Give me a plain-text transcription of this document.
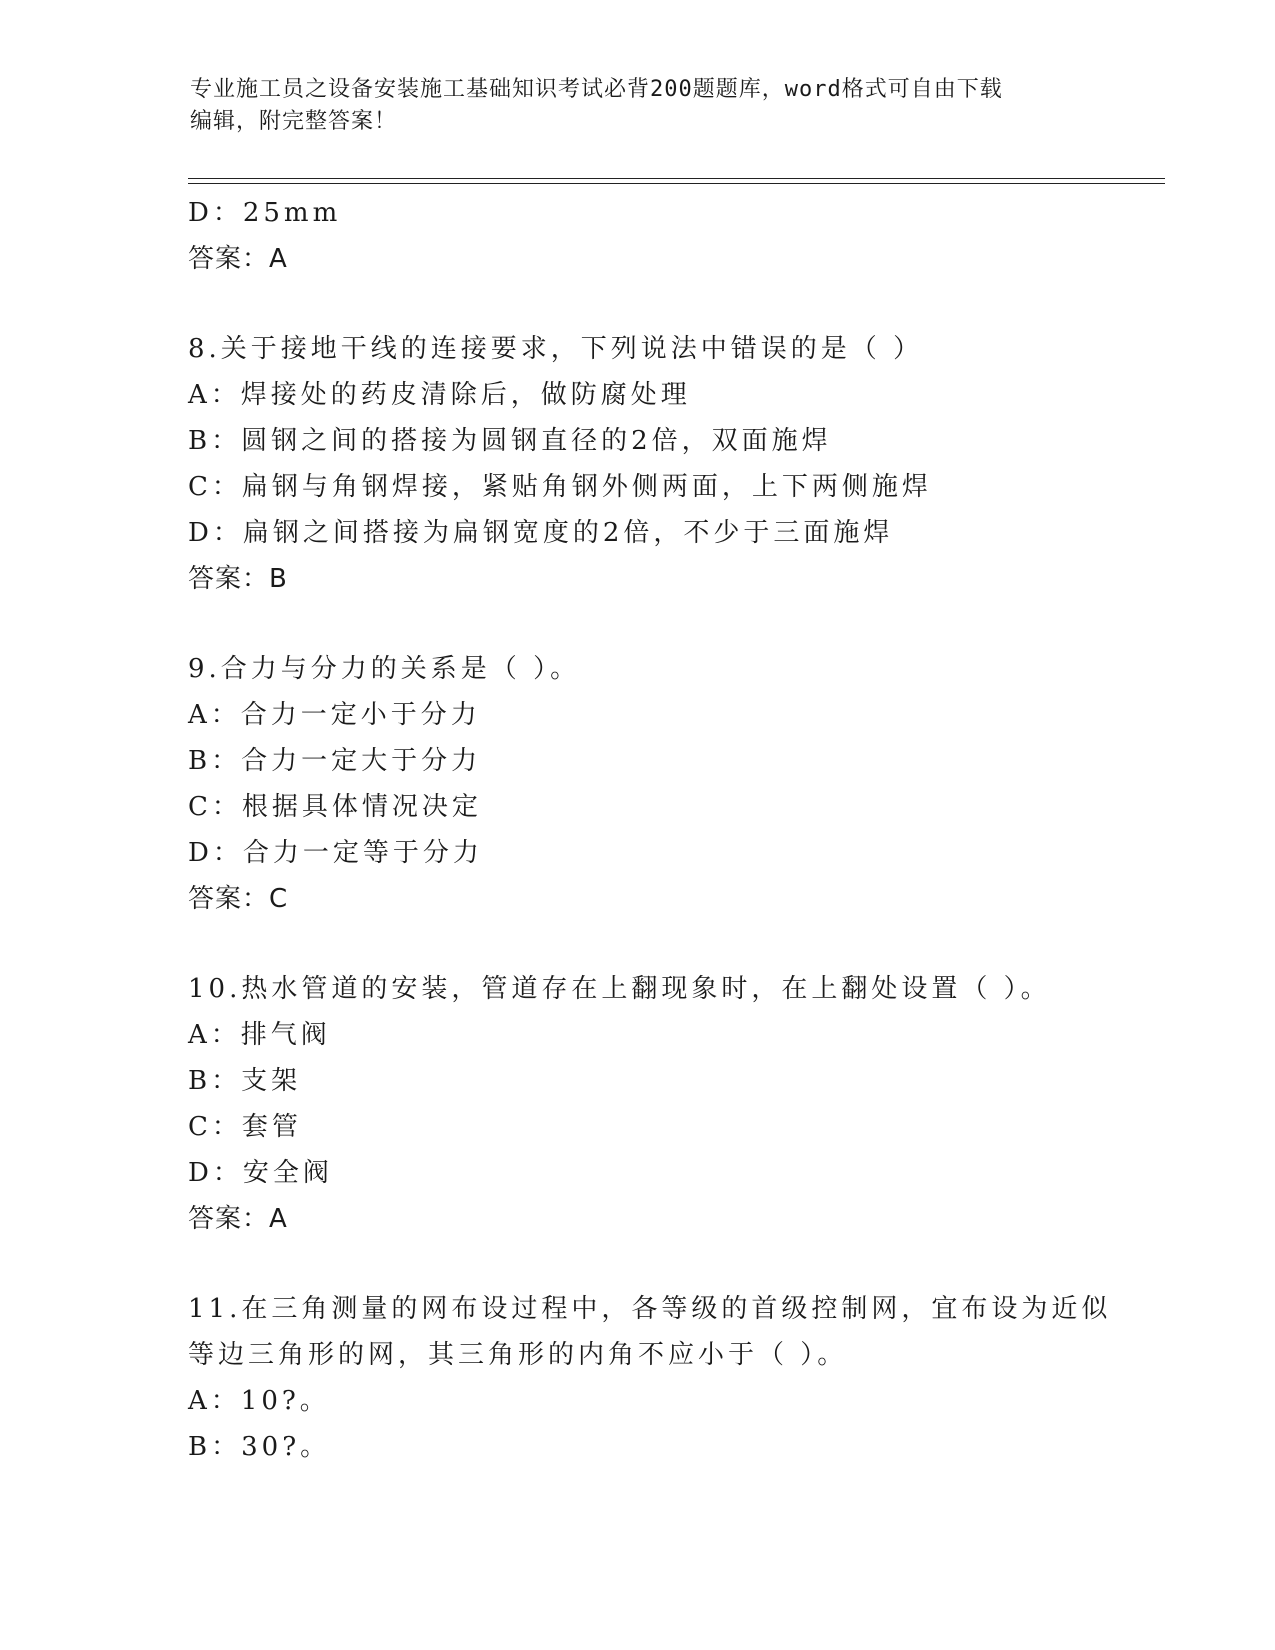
专业施工员之设备安装施工基础知识考试必背200题题库，word格式可自由下载
编辑，附完整答案！
D：25mm
答案：A
8.关于接地干线的连接要求，下列说法中错误的是（ ）
A：焊接处的药皮清除后，做防腐处理
B：圆钢之间的搭接为圆钢直径的2倍，双面施焊
C：扁钢与角钢焊接，紧贴角钢外侧两面，上下两侧施焊
D：扁钢之间搭接为扁钢宽度的2倍，不少于三面施焊
答案：B
9.合力与分力的关系是（ ）。
A：合力一定小于分力
B：合力一定大于分力
C：根据具体情况决定
D：合力一定等于分力
答案：C
10.热水管道的安装，管道存在上翻现象时，在上翻处设置（ ）。
A：排气阀
B：支架
C：套管
D：安全阀
答案：A
11.在三角测量的网布设过程中，各等级的首级控制网，宜布设为近似
等边三角形的网，其三角形的内角不应小于（ ）。
A：10?。
B：30?。
